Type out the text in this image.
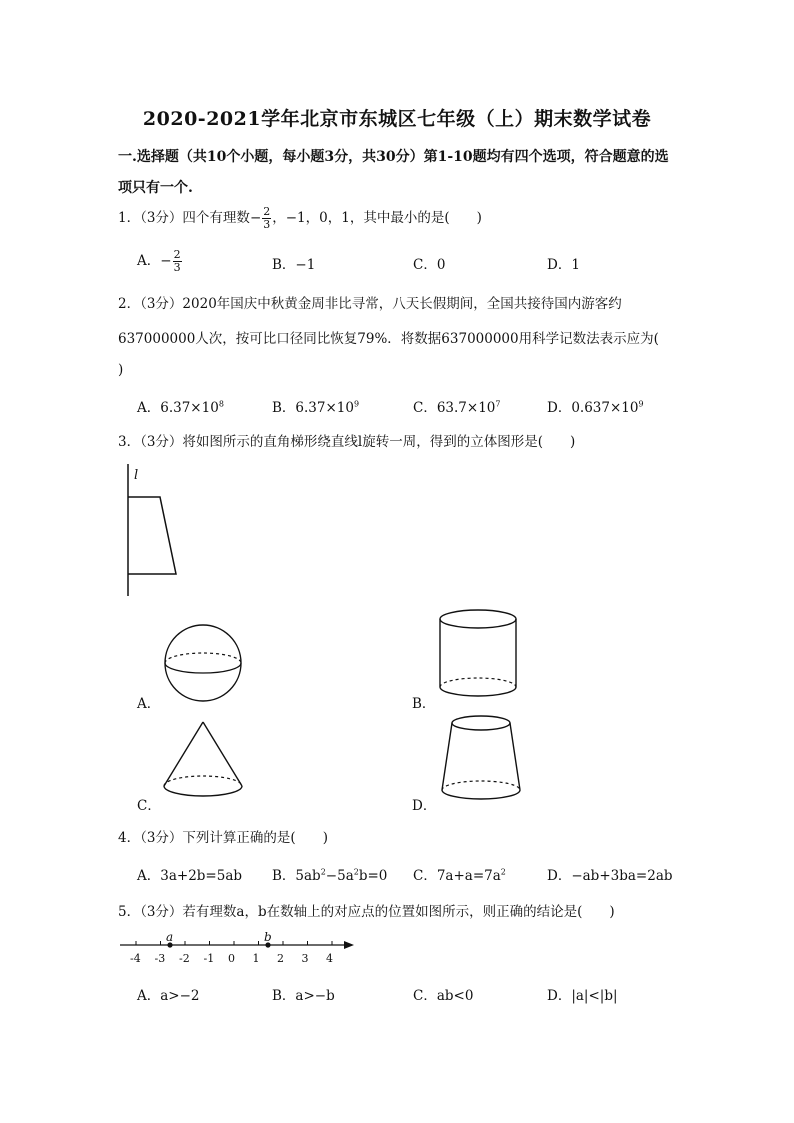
2020-2021学年北京市东城区七年级（上）期末数学试卷
一.选择题（共10个小题，每小题3分，共30分）第1-10题均有四个选项，符合题意的选
项只有一个.
1．（3分）四个有理数− $\frac{2}{3}$ ，−1，0，1，其中最小的是(　　)
A．− $\frac{2}{3}$	B．−1	C．0	D．1
2．（3分）2020年国庆中秋黄金周非比寻常，八天长假期间，全国共接待国内游客约
637000000人次，按可比口径同比恢复79%．将数据637000000用科学记数法表示应为(
)
A．$6.37\times 10^8$	B．$6.37\times 10^9$	C．$63.7\times 10^7$	D．$0.637\times 10^9$
3．（3分）将如图所示的直角梯形绕直线l旋转一周，得到的立体图形是(　　)
l
A．	B．
C．	D．
4．（3分）下列计算正确的是(　　)
A．3a+2b=5ab B．$5ab^2-5a^2b=0$ C．$7a+a=7a^2$	D．−ab+3ba=2ab
5．（3分）若有理数a，b在数轴上的对应点的位置如图所示，则正确的结论是(　　)
a	b
-4 -3 -2 -1 0 1 2 3 4
A．a>−2	B．a>−b	C．ab<0	D．|a|<|b|
